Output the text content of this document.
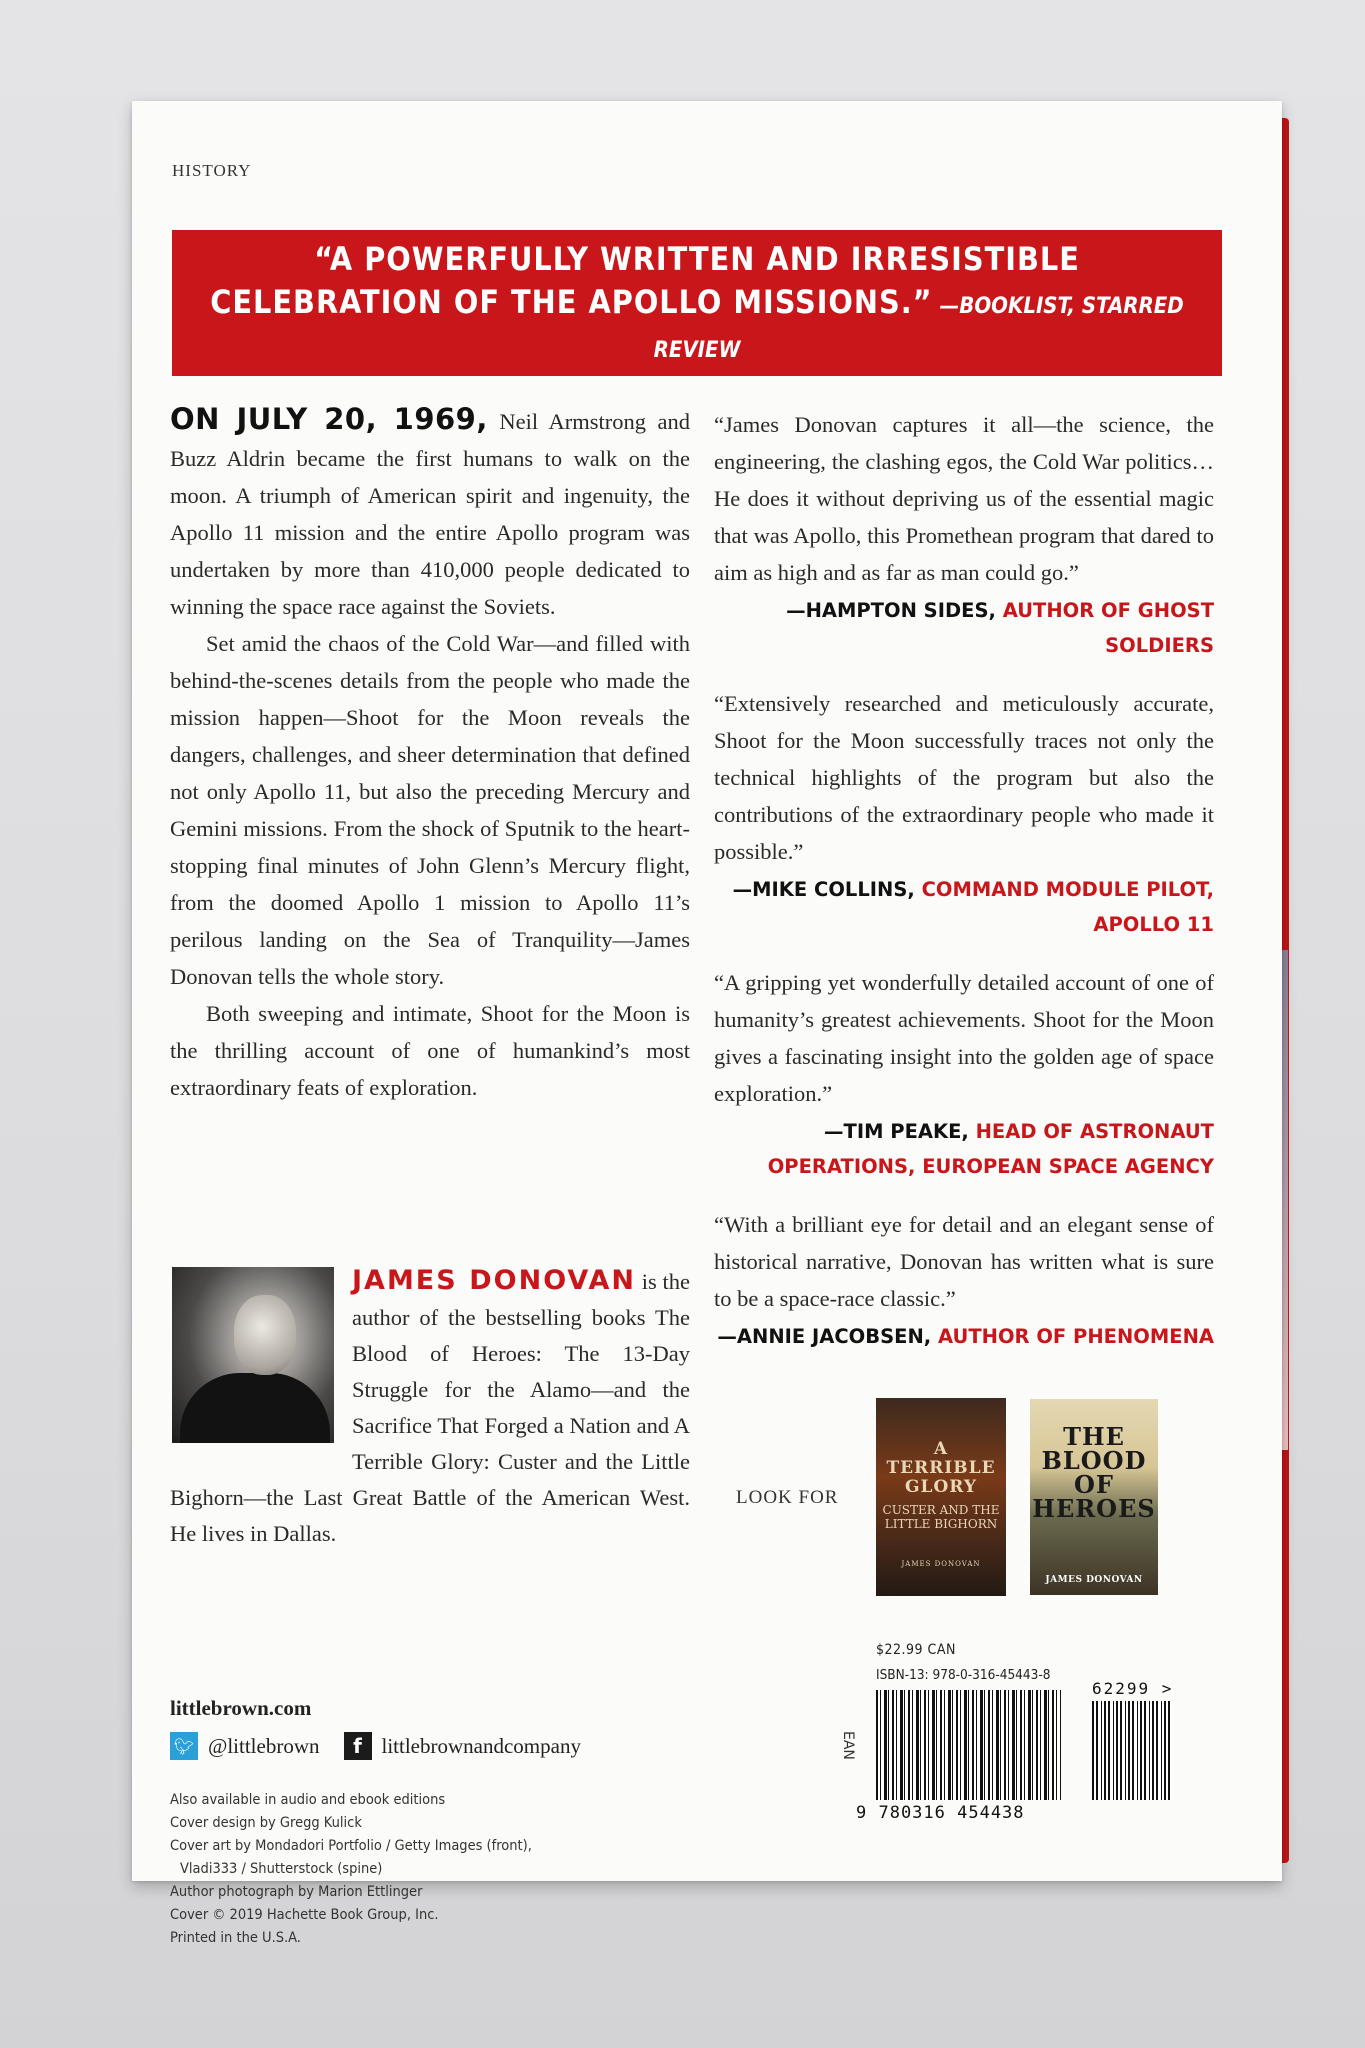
HISTORY
“A POWERFULLY WRITTEN AND IRRESISTIBLE
CELEBRATION OF THE APOLLO MISSIONS.” —BOOKLIST, STARRED REVIEW

ON JULY 20, 1969, Neil Armstrong and Buzz Aldrin became the first humans to walk on the moon. A triumph of American spirit and ingenuity, the Apollo 11 mission and the entire Apollo program was undertaken by more than 410,000 people dedicated to winning the space race against the Soviets.

Set amid the chaos of the Cold War—and filled with behind-the-scenes details from the people who made the mission happen—Shoot for the Moon reveals the dangers, challenges, and sheer determination that defined not only Apollo 11, but also the preceding Mercury and Gemini missions. From the shock of Sputnik to the heart-stopping final minutes of John Glenn’s Mercury flight, from the doomed Apollo 1 mission to Apollo 11’s perilous landing on the Sea of Tranquility—James Donovan tells the whole story.

Both sweeping and intimate, Shoot for the Moon is the thrilling account of one of humankind’s most extraordinary feats of exploration.

“James Donovan captures it all—the science, the engineering, the clashing egos, the Cold War politics… He does it without depriving us of the essential magic that was Apollo, this Promethean program that dared to aim as high and as far as man could go.”

—HAMPTON SIDES, AUTHOR OF GHOST SOLDIERS

“Extensively researched and meticulously accurate, Shoot for the Moon successfully traces not only the technical highlights of the program but also the contributions of the extraordinary people who made it possible.”

—MIKE COLLINS, COMMAND MODULE PILOT, APOLLO 11

“A gripping yet wonderfully detailed account of one of humanity’s greatest achievements. Shoot for the Moon gives a fascinating insight into the golden age of space exploration.”

—TIM PEAKE, HEAD OF ASTRONAUT OPERATIONS, EUROPEAN SPACE AGENCY

“With a brilliant eye for detail and an elegant sense of historical narrative, Donovan has written what is sure to be a space-race classic.”

—ANNIE JACOBSEN, AUTHOR OF PHENOMENA
JAMES DONOVAN is the author of the bestselling books The Blood of Heroes: The 13-Day Struggle for the Alamo—and the Sacrifice That Forged a Nation and A Terrible Glory: Custer and the Little Bighorn—the Last Great Battle of the American West. He lives in Dallas.
littlebrown.com
🐦︎ @littlebrown	f littlebrownandcompany
Also available in audio and ebook editions
Cover design by Gregg Kulick
Cover art by Mondadori Portfolio / Getty Images (front),
Vladi333 / Shutterstock (spine)
Author photograph by Marion Ettlinger
Cover © 2019 Hachette Book Group, Inc.
Printed in the U.S.A.
LOOK FOR
A TERRIBLE GLORY
CUSTER AND THE LITTLE BIGHORN
JAMES DONOVAN
THE BLOOD OF HEROES
JAMES DONOVAN
$22.99 CAN
ISBN-13: 978-0-316-45443-8
EAN
9 780316 454438
62299 >
